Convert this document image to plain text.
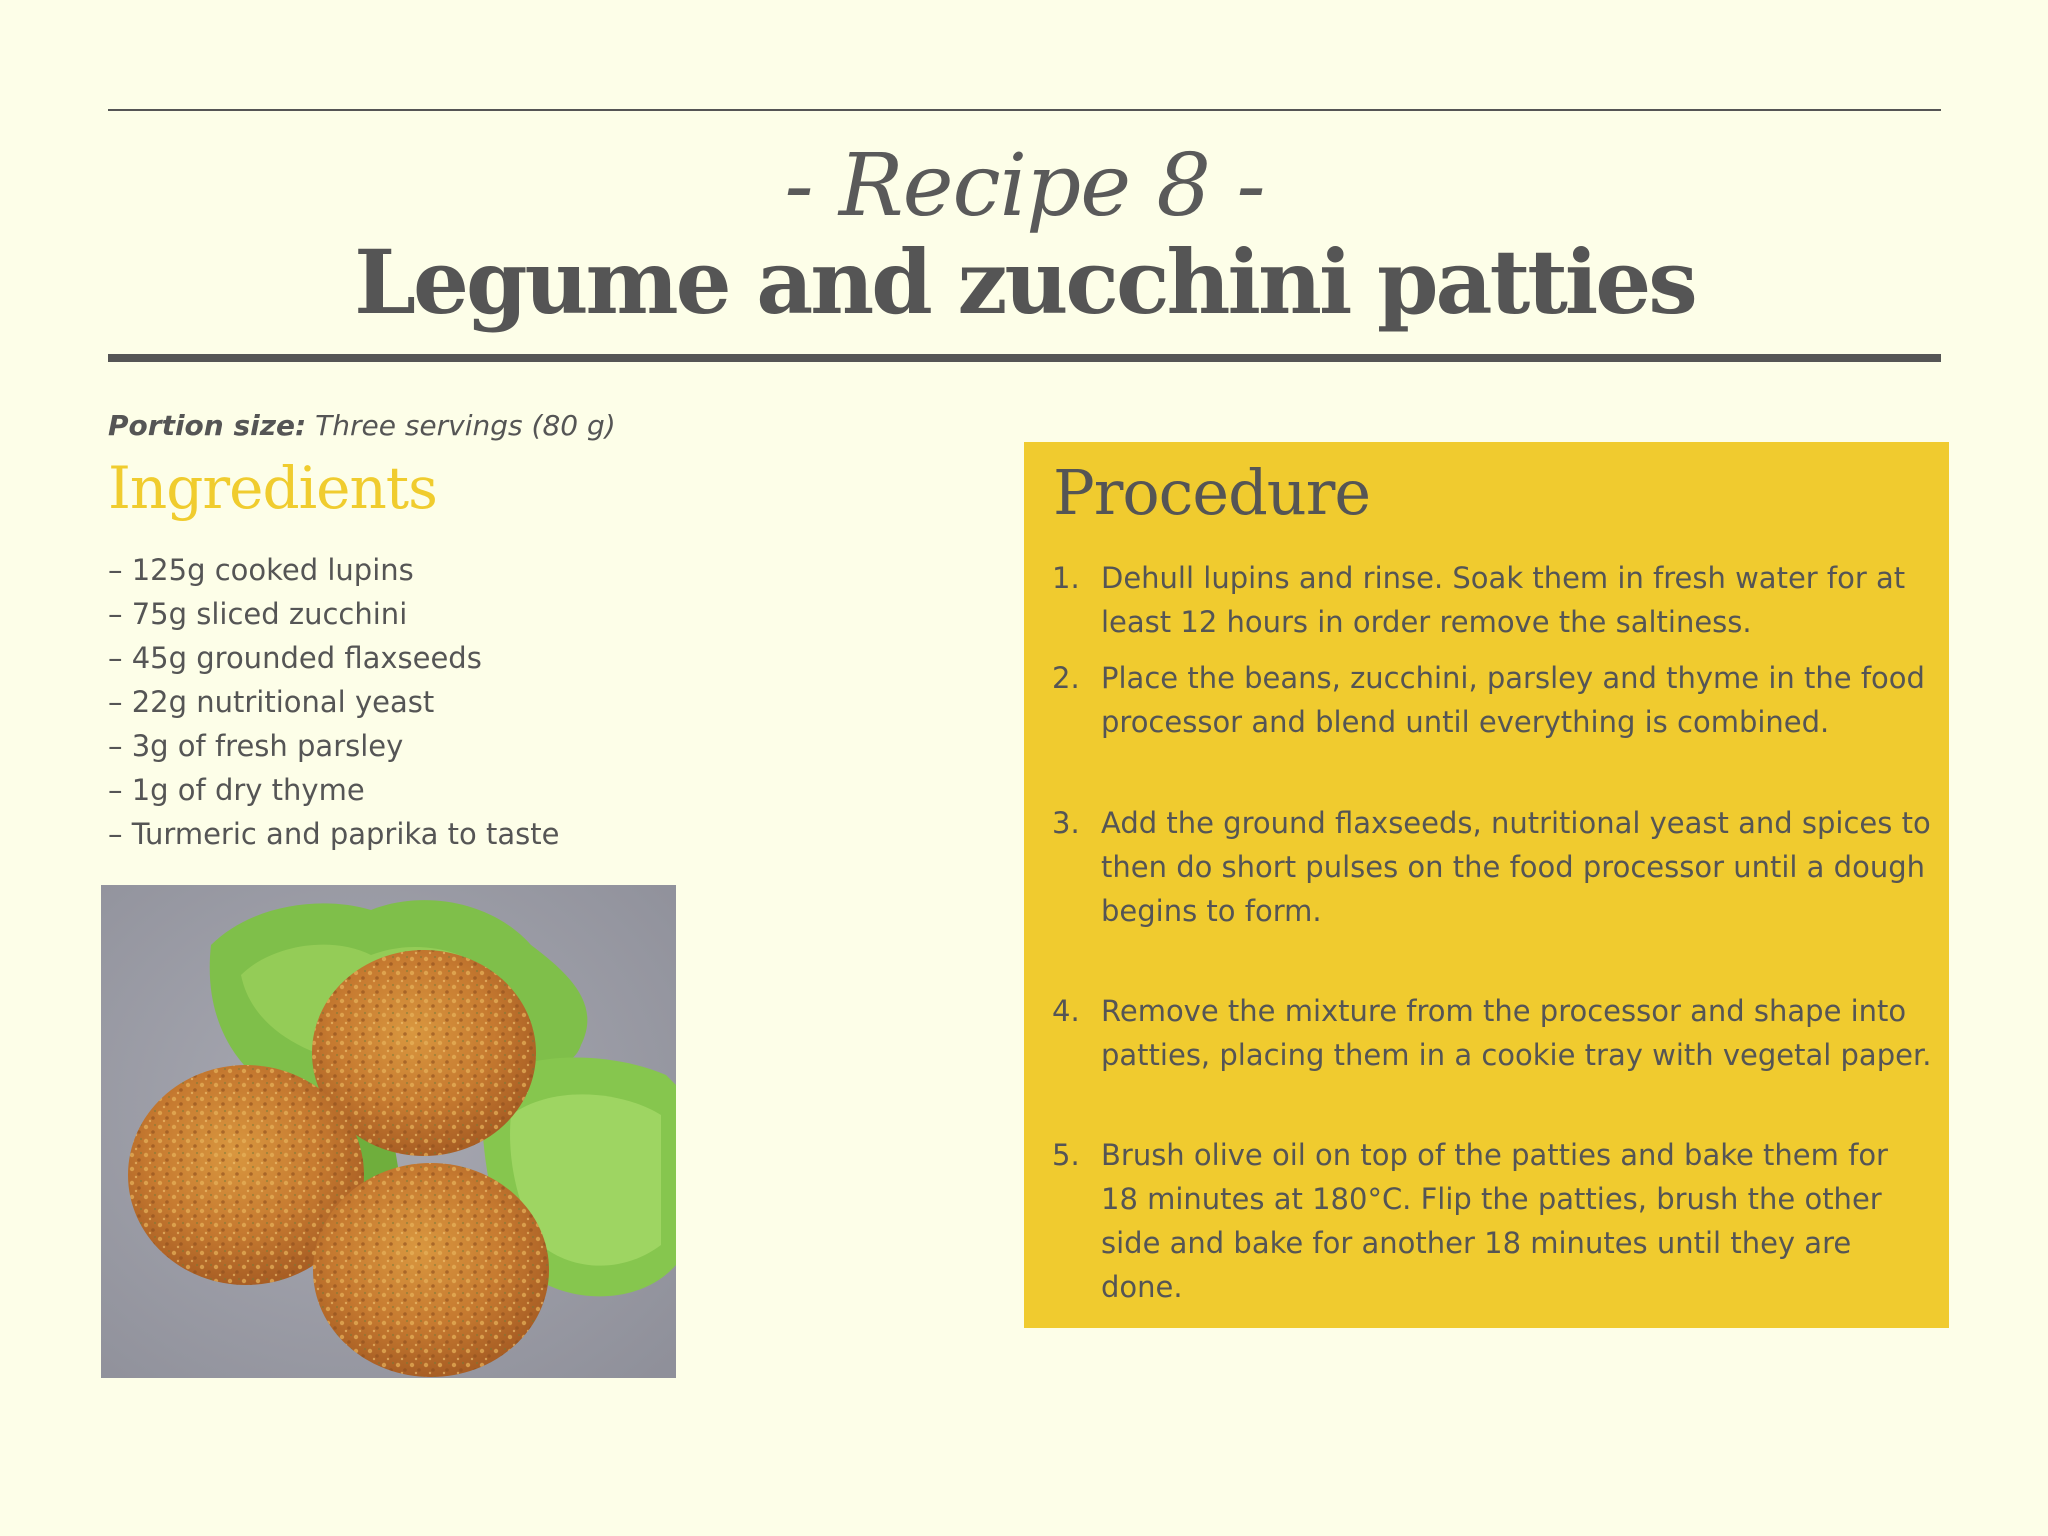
- Recipe 8 -
Legume and zucchini patties
Portion size: Three servings (80 g)
Ingredients
– 125g cooked lupins
– 75g sliced zucchini
– 45g grounded flaxseeds
– 22g nutritional yeast
– 3g of fresh parsley
– 1g of dry thyme
– Turmeric and paprika to taste
Procedure
1. Dehull lupins and rinse. Soak them in fresh water for at least 12 hours in order remove the saltiness.
2. Place the beans, zucchini, parsley and thyme in the food processor and blend until everything is combined.
3. Add the ground flaxseeds, nutritional yeast and spices to then do short pulses on the food processor until a dough begins to form.
4. Remove the mixture from the processor and shape into patties, placing them in a cookie tray with vegetal paper.
5. Brush olive oil on top of the patties and bake them for 18 minutes at 180°C. Flip the patties, brush the other side and bake for another 18 minutes until they are done.
